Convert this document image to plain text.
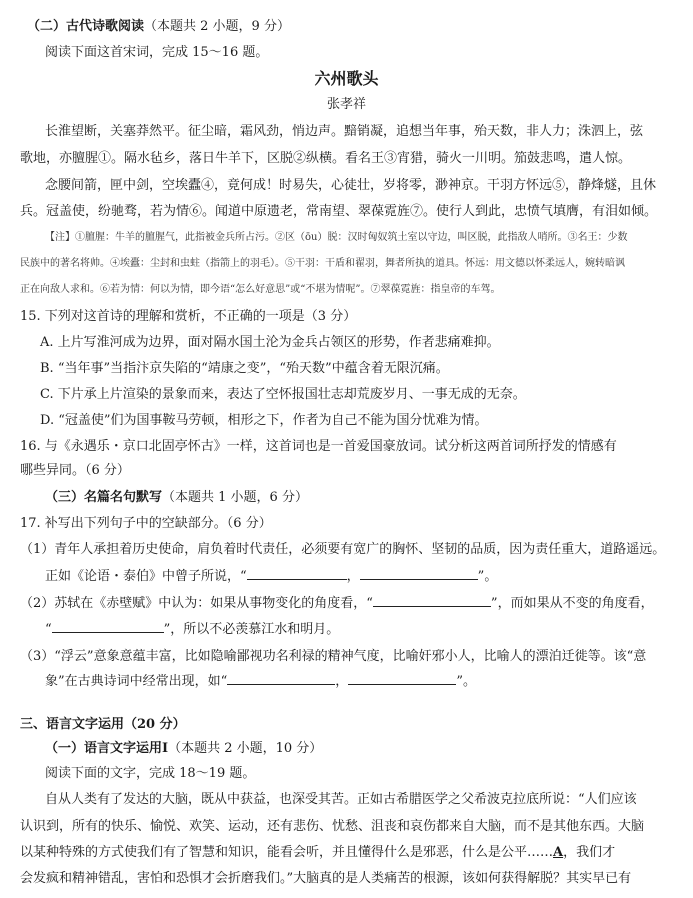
（二）古代诗歌阅读（本题共 2 小题，9 分）
阅读下面这首宋词，完成 15～16 题。
六州歌头
张孝祥
长淮望断，关塞莽然平。征尘暗，霜风劲，悄边声。黯销凝，追想当年事，殆天数，非人力；洙泗上，弦
歌地，亦膻腥①。隔水毡乡，落日牛羊下，区脱②纵横。看名王③宵猎，骑火一川明。笳鼓悲鸣，遣人惊。
念腰间箭，匣中剑，空埃蠹④，竟何成！时易失，心徒壮，岁将零，渺神京。干羽方怀远⑤，静烽燧，且休
兵。冠盖使，纷驰骛，若为情⑥。闻道中原遗老，常南望、翠葆霓旌⑦。使行人到此，忠愤气填膺，有泪如倾。
【注】①膻腥：牛羊的膻腥气，此指被金兵所占污。②区（ōu）脱：汉时匈奴筑土室以守边，叫区脱，此指敌人哨所。③名王：少数
民族中的著名将帅。④埃蠹：尘封和虫蛀（指箭上的羽毛）。⑤干羽：干盾和翟羽，舞者所执的道具。怀远：用文德以怀柔远人，婉转暗讽
正在向敌人求和。⑥若为情：何以为情，即今语“怎么好意思”或“不堪为情呢”。⑦翠葆霓旌：指皇帝的车驾。
15. 下列对这首诗的理解和赏析，不正确的一项是（3 分）
A. 上片写淮河成为边界，面对隔水国土沦为金兵占领区的形势，作者悲痛难抑。
B. “当年事”当指汴京失陷的“靖康之变”，“殆天数”中蕴含着无限沉痛。
C. 下片承上片渲染的景象而来，表达了空怀报国壮志却荒废岁月、一事无成的无奈。
D. “冠盖使”们为国事鞍马劳顿，相形之下，作者为自己不能为国分忧难为情。
16. 与《永遇乐・京口北固亭怀古》一样，这首词也是一首爱国豪放词。试分析这两首词所抒发的情感有
哪些异同。（6 分）
（三）名篇名句默写（本题共 1 小题，6 分）
17. 补写出下列句子中的空缺部分。（6 分）
（1）青年人承担着历史使命，肩负着时代责任，必须要有宽广的胸怀、坚韧的品质，因为责任重大，道路遥远。
正如《论语・泰伯》中曾子所说，“	，	”。
（2）苏轼在《赤壁赋》中认为：如果从事物变化的角度看，“	”，而如果从不变的角度看，
“	”，所以不必羡慕江水和明月。
（3）“浮云”意象意蕴丰富，比如隐喻鄙视功名利禄的精神气度，比喻奸邪小人，比喻人的漂泊迁徙等。该“意
象”在古典诗词中经常出现，如“	，	”。
三、语言文字运用（20 分）
（一）语言文字运用Ⅰ（本题共 2 小题，10 分）
阅读下面的文字，完成 18～19 题。
自从人类有了发达的大脑，既从中获益，也深受其苦。正如古希腊医学之父希波克拉底所说：“人们应该
认识到，所有的快乐、愉悦、欢笑、运动，还有悲伤、忧愁、沮丧和哀伤都来自大脑，而不是其他东西。大脑
以某种特殊的方式使我们有了智慧和知识，能看会听，并且懂得什么是邪恶，什么是公平……A，我们才
会发疯和精神错乱，害怕和恐惧才会折磨我们。”大脑真的是人类痛苦的根源，该如何获得解脱？其实早已有
